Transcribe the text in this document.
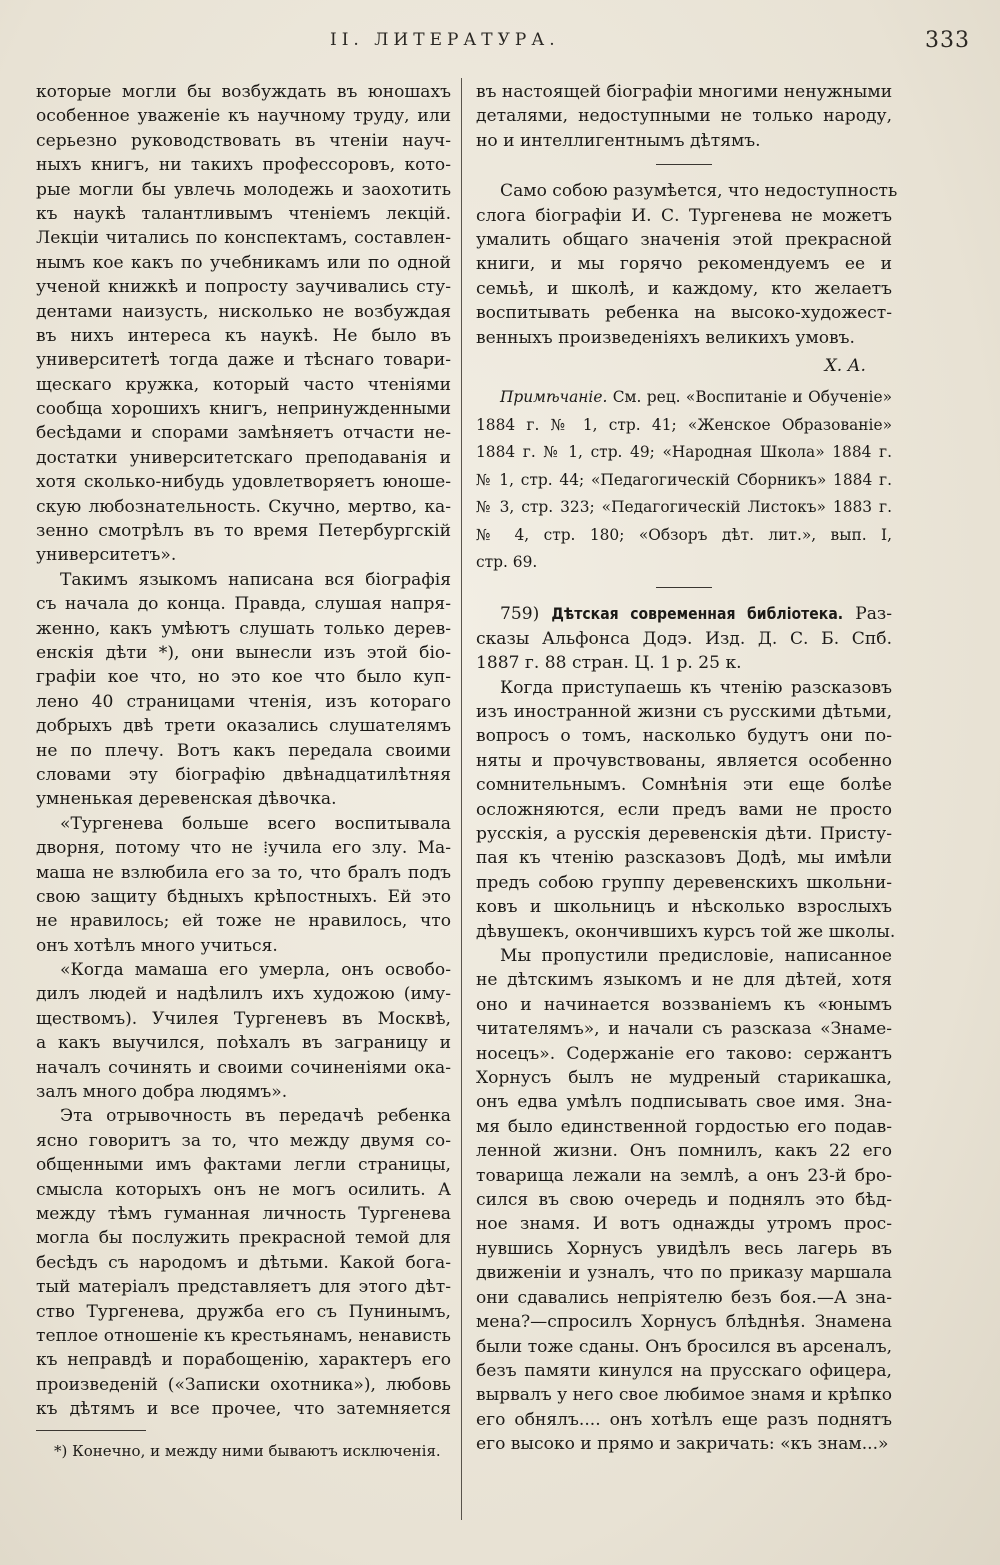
II. ЛИТЕРАТУРА.	333
которые могли бы возбуждать въ юношахъ
особенное уваженіе къ научному труду, или
серьезно руководствовать въ чтеніи науч-
ныхъ книгъ, ни такихъ профессоровъ, кото-
рые могли бы увлечь молодежь и заохотить
къ наукѣ талантливымъ чтеніемъ лекцій.
Лекціи читались по конспектамъ, составлен-
нымъ кое какъ по учебникамъ или по одной
ученой книжкѣ и попросту заучивались сту-
дентами наизусть, нисколько не возбуждая
въ нихъ интереса къ наукѣ. Не было въ
университетѣ тогда даже и тѣснаго товари-
щескаго кружка, который часто чтеніями
сообща хорошихъ книгъ, непринужденными
бесѣдами и спорами замѣняетъ отчасти не-
достатки университетскаго преподаванія и
хотя сколько-нибудь удовлетворяетъ юноше-
скую любознательность. Скучно, мертво, ка-
зенно смотрѣлъ въ то время Петербургскій
университетъ».
Такимъ языкомъ написана вся біографія
съ начала до конца. Правда, слушая напря-
женно, какъ умѣютъ слушать только дерев-
енскія дѣти *), они вынесли изъ этой біо-
графіи кое что, но это кое что было куп-
лено 40 страницами чтенія, изъ котораго
добрыхъ двѣ трети оказались слушателямъ
не по плечу. Вотъ какъ передала своими
словами эту біографію двѣнадцатилѣтняя
умненькая деревенская дѣвочка.
«Тургенева больше всего воспитывала
дворня, потому что не ⁞учила его злу. Ма-
маша не взлюбила его за то, что бралъ подъ
свою защиту бѣдныхъ крѣпостныхъ. Ей это
не нравилось; ей тоже не нравилось, что
онъ хотѣлъ много учиться.
«Когда мамаша его умерла, онъ освобо-
дилъ людей и надѣлилъ ихъ художою (иму-
ществомъ). Училея Тургеневъ въ Москвѣ,
а какъ выучился, поѣхалъ въ заграницу и
началъ сочинять и своими сочиненіями ока-
залъ много добра людямъ».
Эта отрывочность въ передачѣ ребенка
ясно говоритъ за то, что между двумя со-
общенными имъ фактами легли страницы,
смысла которыхъ онъ не могъ осилить. А
между тѣмъ гуманная личность Тургенева
могла бы послужить прекрасной темой для
бесѣдъ съ народомъ и дѣтьми. Какой бога-
тый матеріалъ представляетъ для этого дѣт-
ство Тургенева, дружба его съ Пунинымъ,
теплое отношеніе къ крестьянамъ, ненависть
къ неправдѣ и порабощенію, характеръ его
произведеній («Записки охотника»), любовь
къ дѣтямъ и все прочее, что затемняется
*) Конечно, и между ними бываютъ исключенія.
въ настоящей біографіи многими ненужными
деталями, недоступными не только народу,
но и интеллигентнымъ дѣтямъ.
Само собою разумѣется, что недоступность
слога біографіи И. С. Тургенева не можетъ
умалить общаго значенія этой прекрасной
книги, и мы горячо рекомендуемъ ее и
семьѣ, и школѣ, и каждому, кто желаетъ
воспитывать ребенка на высоко-художест-
венныхъ произведеніяхъ великихъ умовъ.
Х. А.
Примѣчаніе. См. рец. «Воспитаніе и Обученіе»
1884 г. № 1, стр. 41; «Женское Образованіе»
1884 г. № 1, стр. 49; «Народная Школа» 1884 г.
№ 1, стр. 44; «Педагогическій Сборникъ» 1884 г.
№ 3, стр. 323; «Педагогическій Листокъ» 1883 г.
№ 4, стр. 180; «Обзоръ дѣт. лит.», вып. I,
стр. 69.
759) Дѣтская современная библіотека. Раз-
сказы Альфонса Додэ. Изд. Д. С. Б. Спб.
1887 г. 88 стран. Ц. 1 р. 25 к.
Когда приступаешь къ чтенію разсказовъ
изъ иностранной жизни съ русскими дѣтьми,
вопросъ о томъ, насколько будутъ они по-
няты и прочувствованы, является особенно
сомнительнымъ. Сомнѣнія эти еще болѣе
осложняются, если предъ вами не просто
русскія, а русскія деревенскія дѣти. Присту-
пая къ чтенію разсказовъ Додѣ, мы имѣли
предъ собою группу деревенскихъ школьни-
ковъ и школьницъ и нѣсколько взрослыхъ
дѣвушекъ, окончившихъ курсъ той же школы.
Мы пропустили предисловіе, написанное
не дѣтскимъ языкомъ и не для дѣтей, хотя
оно и начинается воззваніемъ къ «юнымъ
читателямъ», и начали съ разсказа «Знаме-
носецъ». Содержаніе его таково: сержантъ
Хорнусъ былъ не мудреный старикашка,
онъ едва умѣлъ подписывать свое имя. Зна-
мя было единственной гордостью его подав-
ленной жизни. Онъ помнилъ, какъ 22 его
товарища лежали на землѣ, а онъ 23-й бро-
сился въ свою очередь и поднялъ это бѣд-
ное знамя. И вотъ однажды утромъ прос-
нувшись Хорнусъ увидѣлъ весь лагерь въ
движеніи и узналъ, что по приказу маршала
они сдавались непріятелю безъ боя.—А зна-
мена?—спросилъ Хорнусъ блѣднѣя. Знамена
были тоже сданы. Онъ бросился въ арсеналъ,
безъ памяти кинулся на прусскаго офицера,
вырвалъ у него свое любимое знамя и крѣпко
его обнялъ.... онъ хотѣлъ еще разъ поднятъ
его высоко и прямо и закричать: «къ знам...»
